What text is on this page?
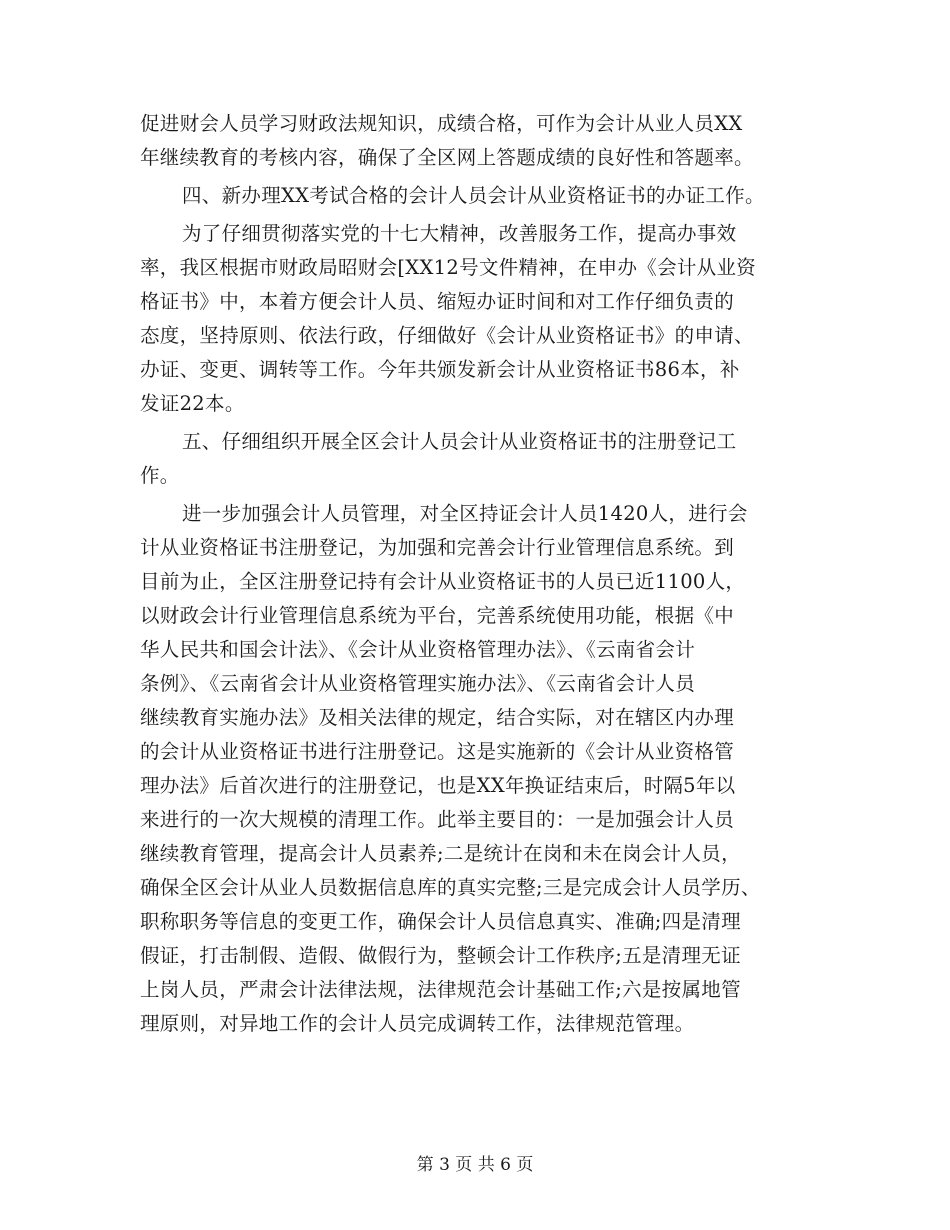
促进财会人员学习财政法规知识，成绩合格，可作为会计从业人员XX
年继续教育的考核内容，确保了全区网上答题成绩的良好性和答题率。
四、新办理XX考试合格的会计人员会计从业资格证书的办证工作。
为了仔细贯彻落实党的十七大精神，改善服务工作，提高办事效
率，我区根据市财政局昭财会[XX12号文件精神，在申办《会计从业资
格证书》中，本着方便会计人员、缩短办证时间和对工作仔细负责的
态度，坚持原则、依法行政，仔细做好《会计从业资格证书》的申请、
办证、变更、调转等工作。今年共颁发新会计从业资格证书86本，补
发证22本。
五、仔细组织开展全区会计人员会计从业资格证书的注册登记工
作。
进一步加强会计人员管理，对全区持证会计人员1420人，进行会
计从业资格证书注册登记，为加强和完善会计行业管理信息系统。到
目前为止，全区注册登记持有会计从业资格证书的人员已近1100人，
以财政会计行业管理信息系统为平台，完善系统使用功能，根据《中
华人民共和国会计法》、《会计从业资格管理办法》、《云南省会计
条例》、《云南省会计从业资格管理实施办法》、《云南省会计人员
继续教育实施办法》及相关法律的规定，结合实际，对在辖区内办理
的会计从业资格证书进行注册登记。这是实施新的《会计从业资格管
理办法》后首次进行的注册登记，也是XX年换证结束后，时隔5年以
来进行的一次大规模的清理工作。此举主要目的：一是加强会计人员
继续教育管理，提高会计人员素养;二是统计在岗和未在岗会计人员，
确保全区会计从业人员数据信息库的真实完整;三是完成会计人员学历、
职称职务等信息的变更工作，确保会计人员信息真实、准确;四是清理
假证，打击制假、造假、做假行为，整顿会计工作秩序;五是清理无证
上岗人员，严肃会计法律法规，法律规范会计基础工作;六是按属地管
理原则，对异地工作的会计人员完成调转工作，法律规范管理。
第 3 页 共 6 页
